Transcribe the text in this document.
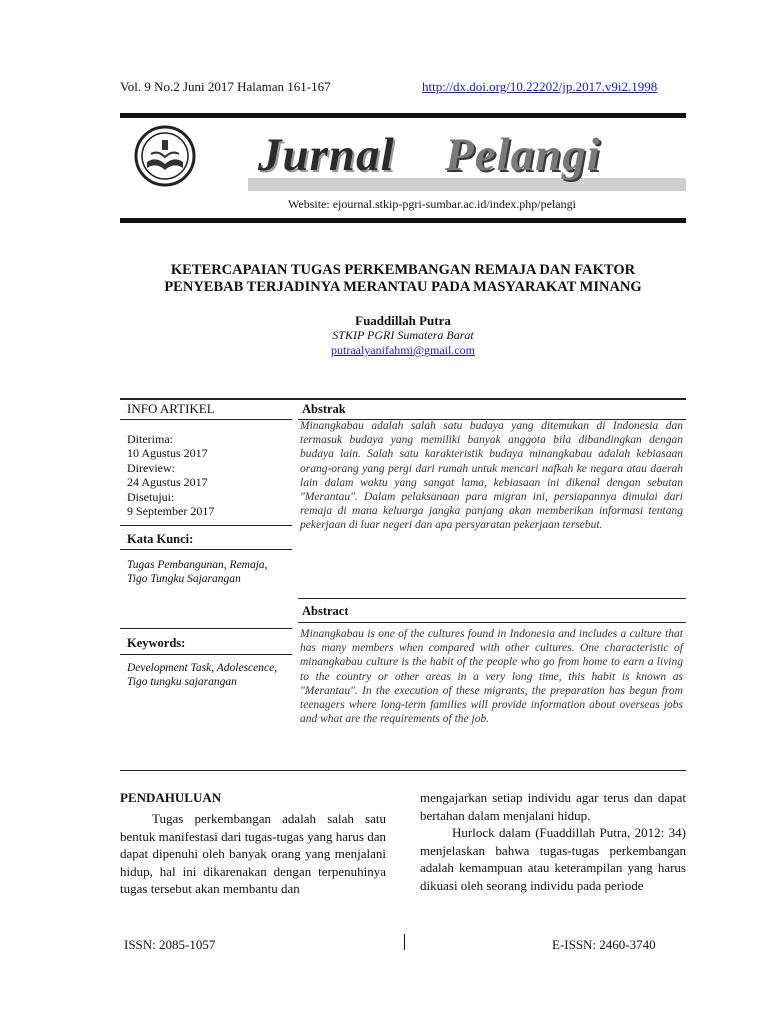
Vol. 9 No.2 Juni 2017 Halaman 161-167	http://dx.doi.org/10.22202/jp.2017.v9i2.1998
Jurnal Pelangi
Website: ejournal.stkip-pgri-sumbar.ac.id/index.php/pelangi
KETERCAPAIAN TUGAS PERKEMBANGAN REMAJA DAN FAKTOR
PENYEBAB TERJADINYA MERANTAU PADA MASYARAKAT MINANG
Fuaddillah Putra
STKIP PGRI Sumatera Barat
putraalyanifahmi@gmail.com
INFO ARTIKEL
Diterima:
10 Agustus 2017
Direview:
24 Agustus 2017
Disetujui:
9 September 2017
Kata Kunci:
Tugas Pembangunan, Remaja, Tigo Tungku Sajarangan
Keywords:
Development Task, Adolescence, Tigo tungku sajarangan
Abstrak
Minangkabau adalah salah satu budaya yang ditemukan di Indonesia dan termasuk budaya yang memiliki banyak anggota bila dibandingkan dengan budaya lain. Salah satu karakteristik budaya minangkabau adalah kebiasaan orang-orang yang pergi dari rumah untuk mencari nafkah ke negara atau daerah lain dalam waktu yang sangat lama, kebiasaan ini dikenal dengan sebutan "Merantau". Dalam pelaksanaan para migran ini, persiapannya dimulai dari remaja di mana keluarga jangka panjang akan memberikan informasi tentang pekerjaan di luar negeri dan apa persyaratan pekerjaan tersebut.
Abstract
Minangkabau is one of the cultures found in Indonesia and includes a culture that has many members when compared with other cultures. One characteristic of minangkabau culture is the habit of the people who go from home to earn a living to the country or other areas in a very long time, this habit is known as "Merantau". In the execution of these migrants, the preparation has begun from teenagers where long-term families will provide information about overseas jobs and what are the requirements of the job.
PENDAHULUAN

Tugas perkembangan adalah salah satu bentuk manifestasi dari tugas-tugas yang harus dan dapat dipenuhi oleh banyak orang yang menjalani hidup, hal ini dikarenakan dengan terpenuhinya tugas tersebut akan membantu dan

mengajarkan setiap individu agar terus dan dapat bertahan dalam menjalani hidup.

Hurlock dalam (Fuaddillah Putra, 2012: 34) menjelaskan bahwa tugas-tugas perkembangan adalah kemampuan atau keterampilan yang harus dikuasi oleh seorang individu pada periode

ISSN: 2085-1057	E-ISSN: 2460-3740
